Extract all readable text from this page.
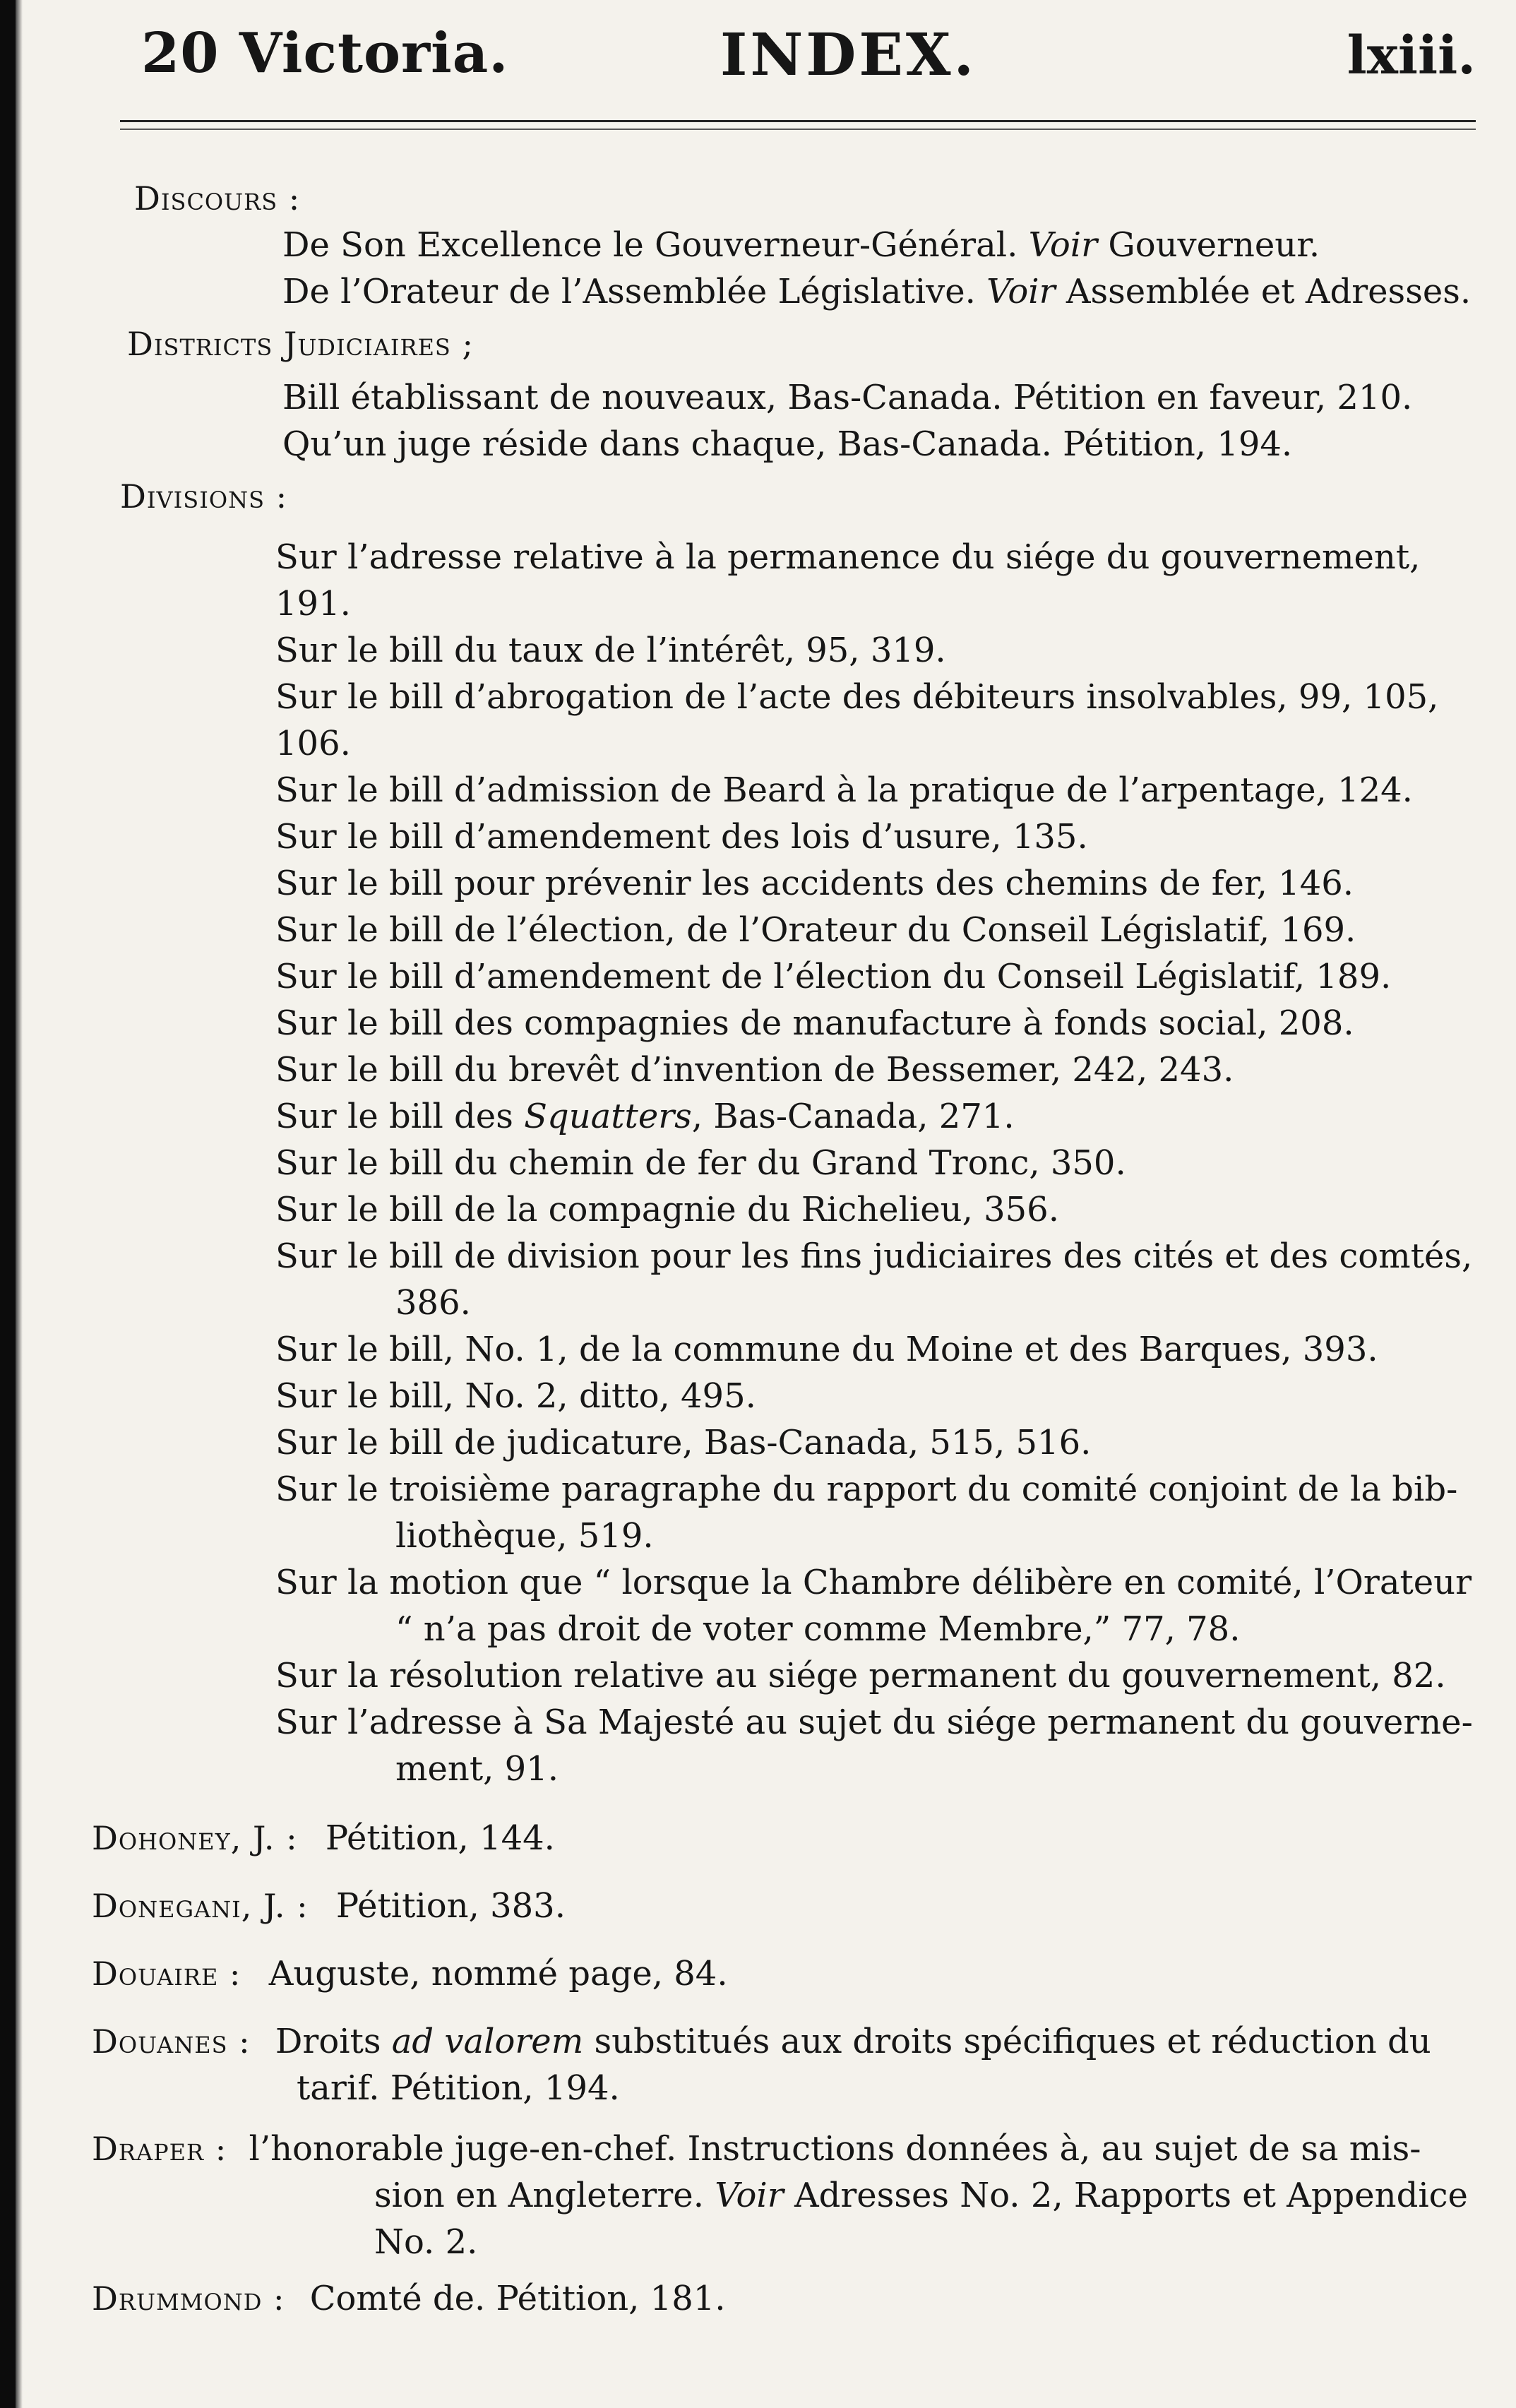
20 Victoria.	INDEX.	lxiii.
Discours :
De Son Excellence le Gouverneur-Général. Voir Gouverneur.
De l’Orateur de l’Assemblée Législative. Voir Assemblée et Adresses.
Districts Judiciaires ;
Bill établissant de nouveaux, Bas-Canada. Pétition en faveur, 210.
Qu’un juge réside dans chaque, Bas-Canada. Pétition, 194.
Divisions :
Sur l’adresse relative à la permanence du siége du gouvernement, 191.
Sur le bill du taux de l’intérêt, 95, 319.
Sur le bill d’abrogation de l’acte des débiteurs insolvables, 99, 105, 106.
Sur le bill d’admission de Beard à la pratique de l’arpentage, 124.
Sur le bill d’amendement des lois d’usure, 135.
Sur le bill pour prévenir les accidents des chemins de fer, 146.
Sur le bill de l’élection, de l’Orateur du Conseil Législatif, 169.
Sur le bill d’amendement de l’élection du Conseil Législatif, 189.
Sur le bill des compagnies de manufacture à fonds social, 208.
Sur le bill du brevêt d’invention de Bessemer, 242, 243.
Sur le bill des Squatters, Bas-Canada, 271.
Sur le bill du chemin de fer du Grand Tronc, 350.
Sur le bill de la compagnie du Richelieu, 356.
Sur le bill de division pour les fins judiciaires des cités et des comtés,
386.
Sur le bill, No. 1, de la commune du Moine et des Barques, 393.
Sur le bill, No. 2, ditto, 495.
Sur le bill de judicature, Bas-Canada, 515, 516.
Sur le troisième paragraphe du rapport du comité conjoint de la bib-
liothèque, 519.
Sur la motion que “ lorsque la Chambre délibère en comité, l’Orateur
“ n’a pas droit de voter comme Membre,” 77, 78.
Sur la résolution relative au siége permanent du gouvernement, 82.
Sur l’adresse à Sa Majesté au sujet du siége permanent du gouverne-
ment, 91.
Dohoney, J. : Pétition, 144.
Donegani, J. : Pétition, 383.
Douaire : Auguste, nommé page, 84.
Douanes : Droits ad valorem substitués aux droits spécifiques et réduction du
tarif. Pétition, 194.
Draper : l’honorable juge-en-chef. Instructions données à, au sujet de sa mis-
sion en Angleterre. Voir Adresses No. 2, Rapports et Appendice
No. 2.
Drummond : Comté de. Pétition, 181.
